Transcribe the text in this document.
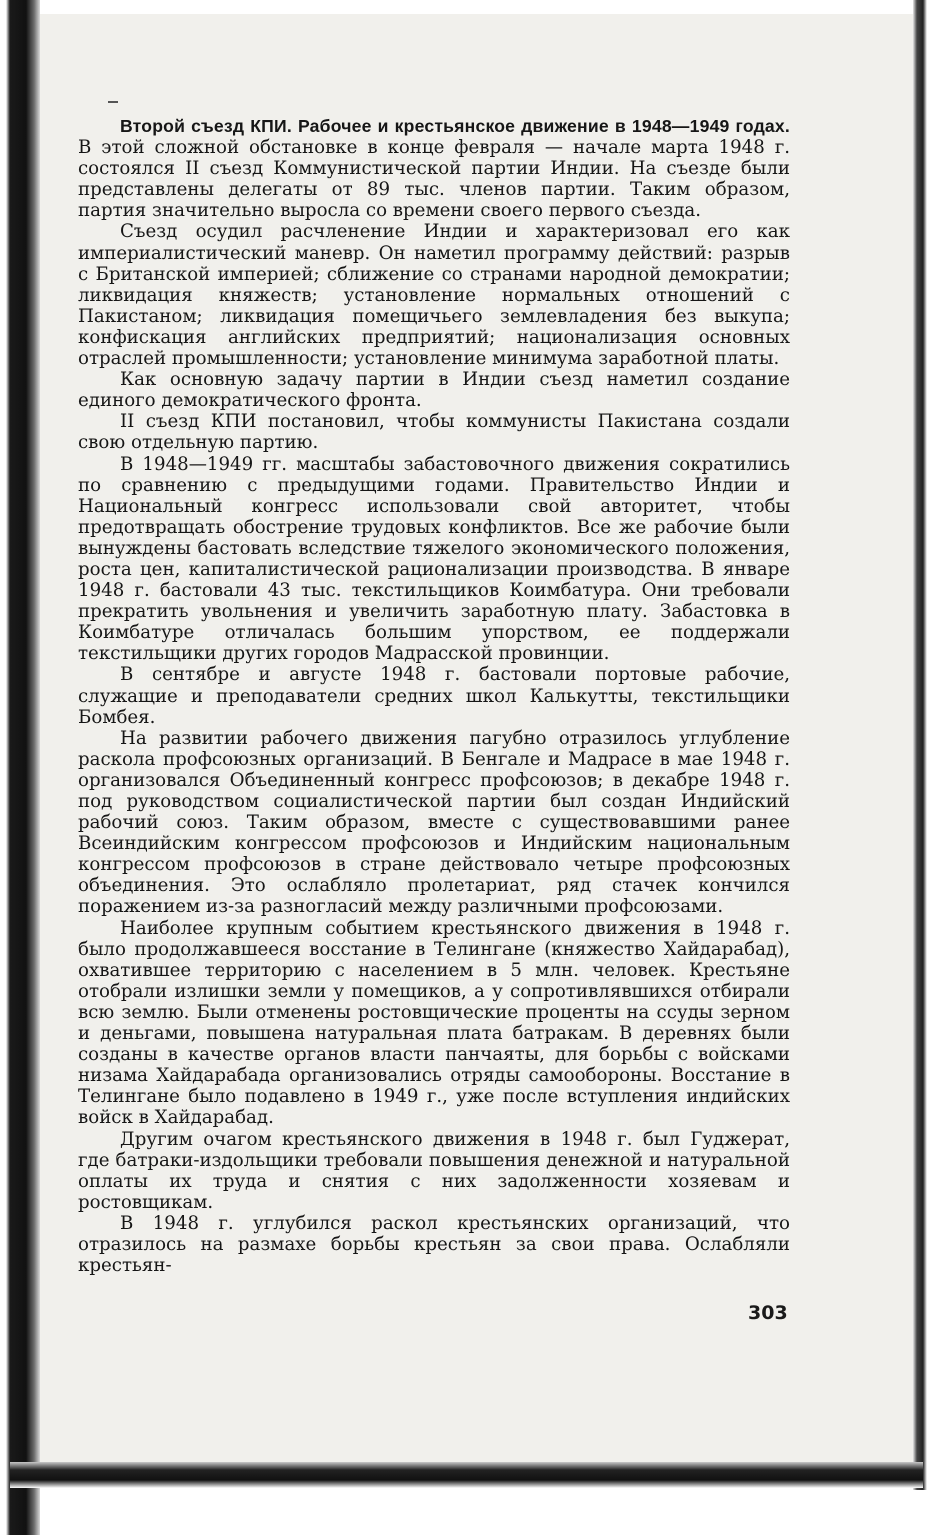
Второй съезд КПИ. Рабочее и крестьянское движение в 1948—1949 годах. В этой сложной обстановке в конце февраля — начале марта 1948 г. состоялся II съезд Коммунистической партии Индии. На съезде были представлены делегаты от 89 тыс. членов партии. Таким образом, партия значительно выросла со времени своего первого съезда.

Съезд осудил расчленение Индии и характеризовал его как империалистический маневр. Он наметил программу действий: разрыв с Британской империей; сближение со странами народной демократии; ликвидация княжеств; установление нормальных отношений с Пакистаном; ликвидация помещичьего землевладения без выкупа; конфискация английских предприятий; национализация основных отраслей промышленности; установление минимума заработной платы.

Как основную задачу партии в Индии съезд наметил создание единого демократического фронта.

II съезд КПИ постановил, чтобы коммунисты Пакистана создали свою отдельную партию.

В 1948—1949 гг. масштабы забастовочного движения сократились по сравнению с предыдущими годами. Правительство Индии и Национальный конгресс использовали свой авторитет, чтобы предотвращать обострение трудовых конфликтов. Все же рабочие были вынуждены бастовать вследствие тяжелого экономического положения, роста цен, капиталистической рационализации производства. В январе 1948 г. бастовали 43 тыс. текстильщиков Коимбатура. Они требовали прекратить увольнения и увеличить заработную плату. Забастовка в Коимбатуре отличалась большим упорством, ее поддержали текстильщики других городов Мадрасской провинции.

В сентябре и августе 1948 г. бастовали портовые рабочие, служащие и преподаватели средних школ Калькутты, текстильщики Бомбея.

На развитии рабочего движения пагубно отразилось углубление раскола профсоюзных организаций. В Бенгале и Мадрасе в мае 1948 г. организовался Объединенный конгресс профсоюзов; в декабре 1948 г. под руководством социалистической партии был создан Индийский рабочий союз. Таким образом, вместе с существовавшими ранее Всеиндийским конгрессом профсоюзов и Индийским национальным конгрессом профсоюзов в стране действовало четыре профсоюзных объединения. Это ослабляло пролетариат, ряд стачек кончился поражением из-за разногласий между различными профсоюзами.

Наиболее крупным событием крестьянского движения в 1948 г. было продолжавшееся восстание в Телингане (княжество Хайдарабад), охватившее территорию с населением в 5 млн. человек. Крестьяне отобрали излишки земли у помещиков, а у сопротивлявшихся отбирали всю землю. Были отменены ростовщические проценты на ссуды зерном и деньгами, повышена натуральная плата батракам. В деревнях были созданы в качестве органов власти панчаяты, для борьбы с войсками низама Хайдарабада организовались отряды самообороны. Восстание в Телингане было подавлено в 1949 г., уже после вступления индийских войск в Хайдарабад.

Другим очагом крестьянского движения в 1948 г. был Гуджерат, где батраки-издольщики требовали повышения денежной и натуральной оплаты их труда и снятия с них задолженности хозяевам и ростовщикам.

В 1948 г. углубился раскол крестьянских организаций, что отразилось на размахе борьбы крестьян за свои права. Ослабляли крестьян-

303
